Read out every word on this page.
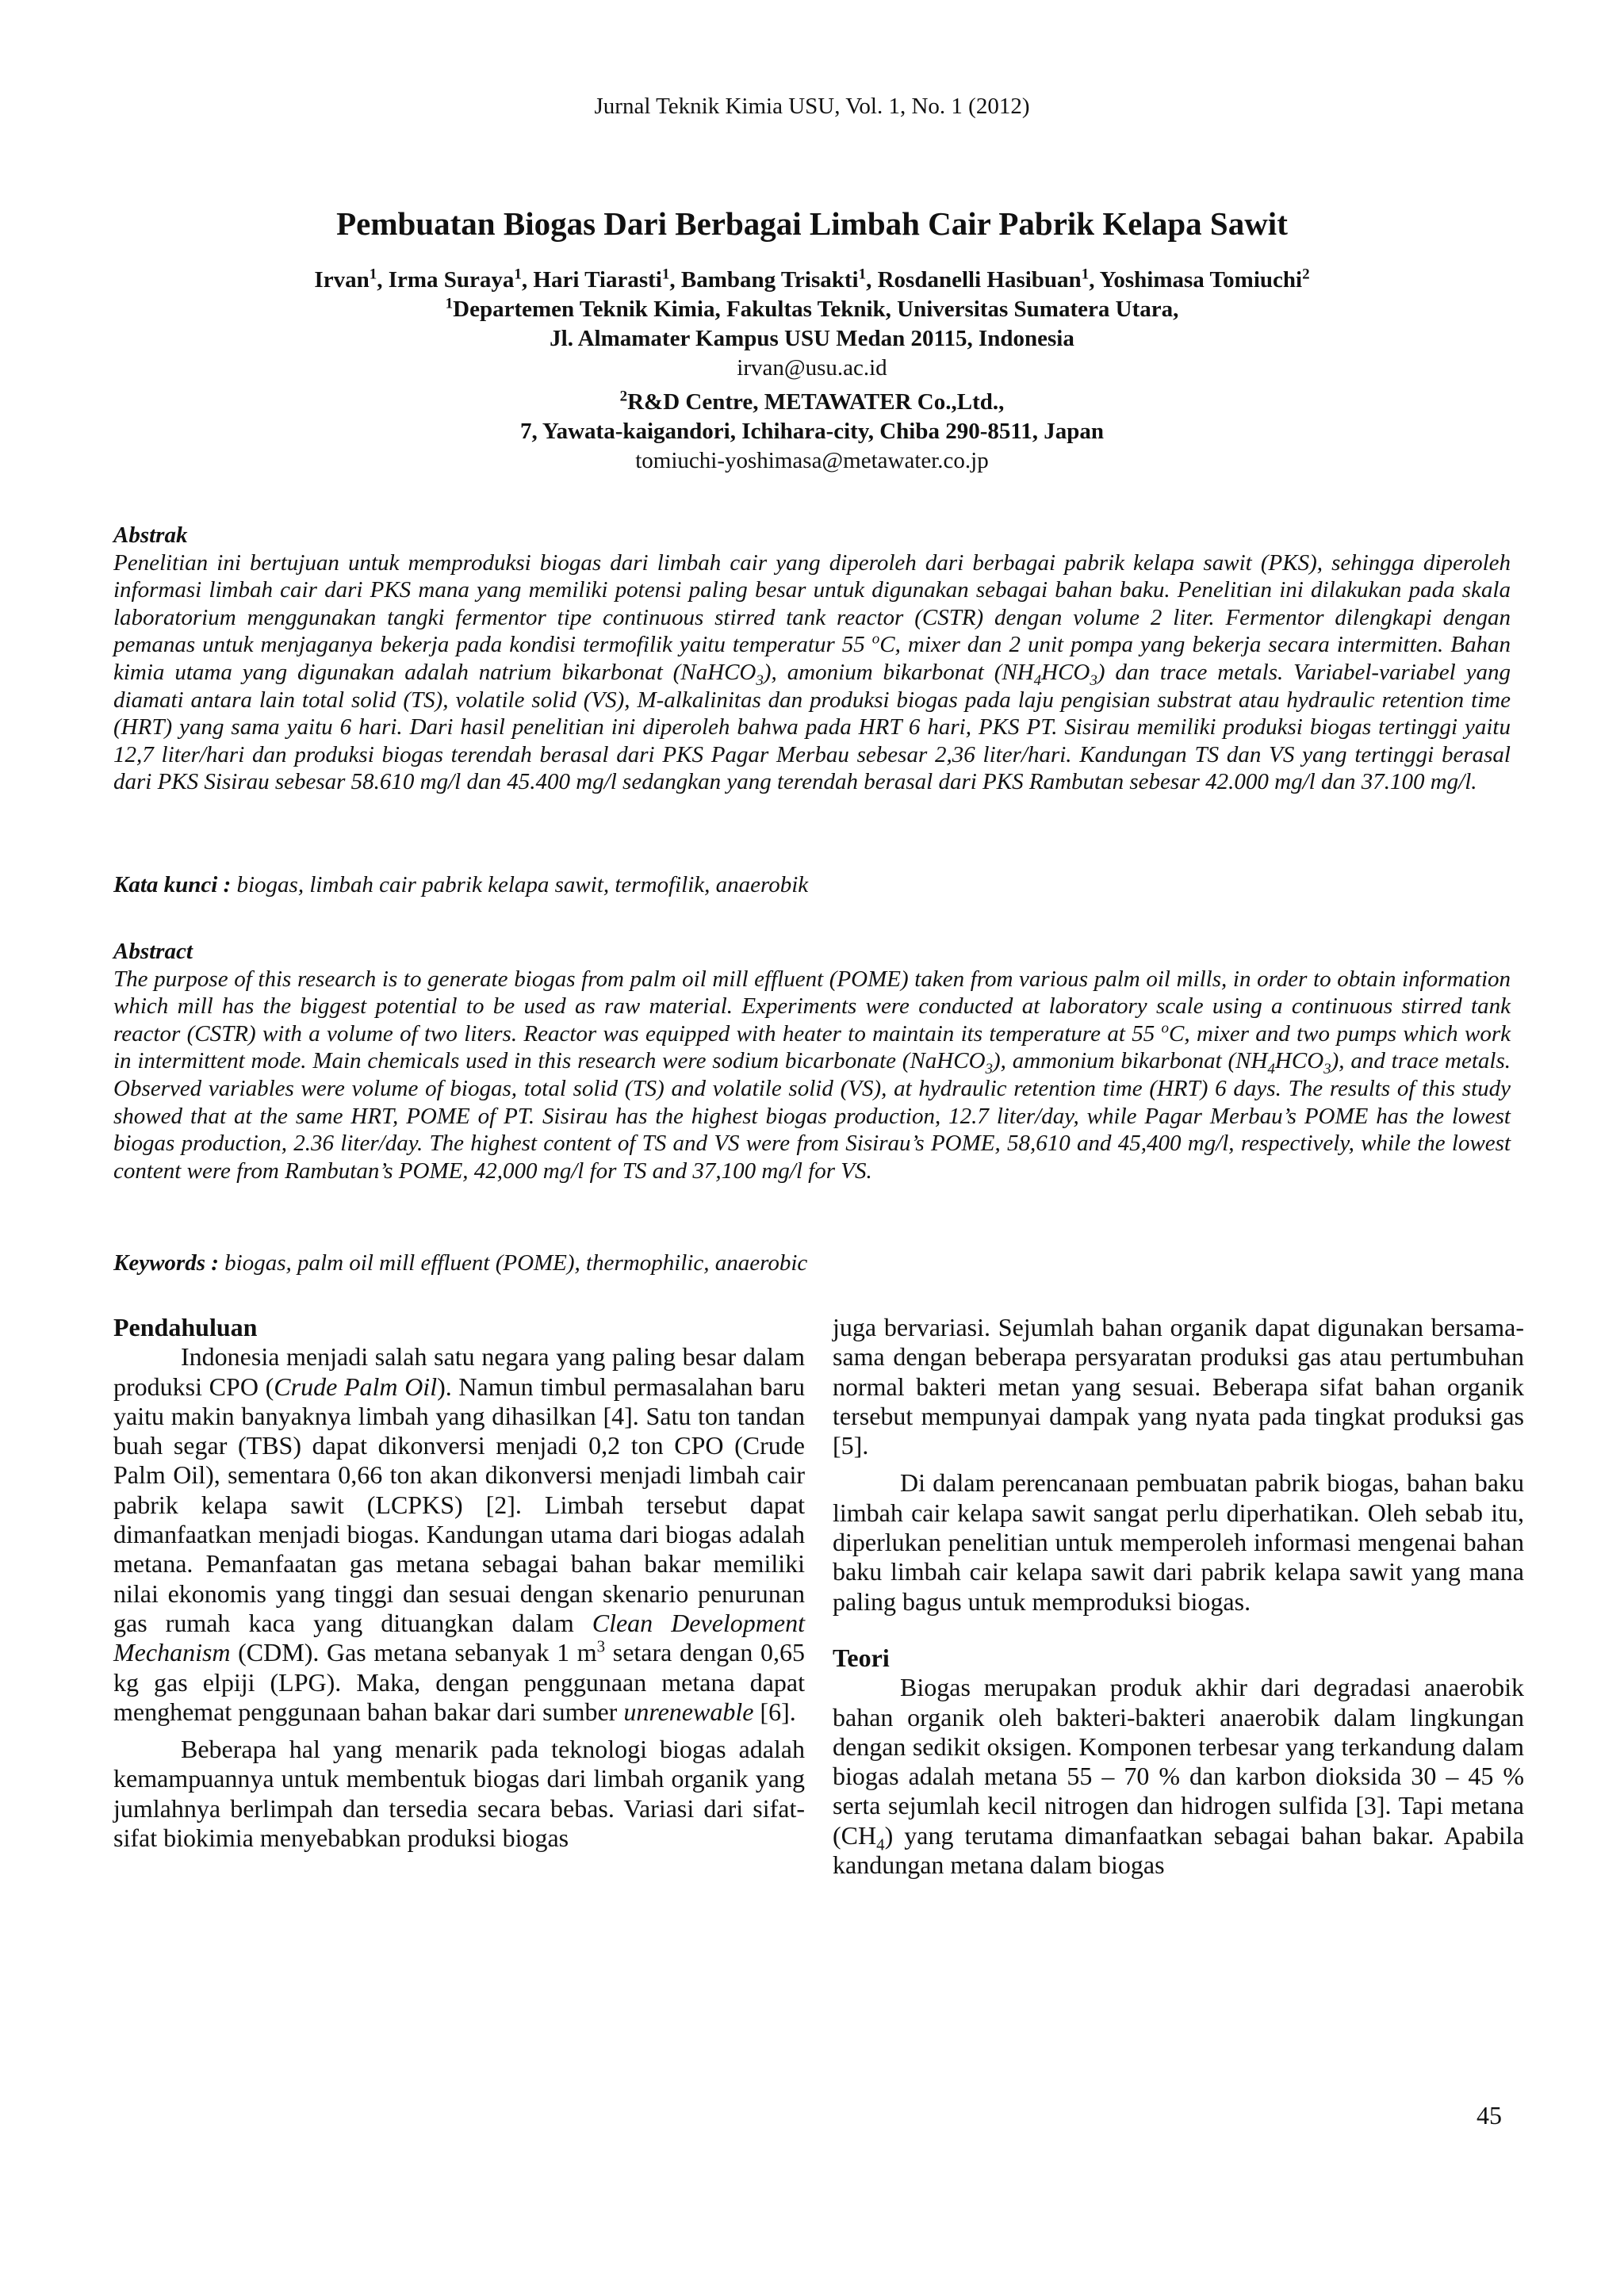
Jurnal Teknik Kimia USU, Vol. 1, No. 1 (2012)
Pembuatan Biogas Dari Berbagai Limbah Cair Pabrik Kelapa Sawit
Irvan$^1$, Irma Suraya$^1$, Hari Tiarasti$^1$, Bambang Trisakti$^1$, Rosdanelli Hasibuan$^1$, Yoshimasa Tomiuchi$^2$
$^1$Departemen Teknik Kimia, Fakultas Teknik, Universitas Sumatera Utara,
Jl. Almamater Kampus USU Medan 20115, Indonesia
irvan@usu.ac.id
$^2$R&D Centre, METAWATER Co.,Ltd.,
7, Yawata-kaigandori, Ichihara-city, Chiba 290-8511, Japan
tomiuchi-yoshimasa@metawater.co.jp
Abstrak

Penelitian ini bertujuan untuk memproduksi biogas dari limbah cair yang diperoleh dari berbagai pabrik kelapa sawit (PKS), sehingga diperoleh informasi limbah cair dari PKS mana yang memiliki potensi paling besar untuk digunakan sebagai bahan baku. Penelitian ini dilakukan pada skala laboratorium menggunakan tangki fermentor tipe continuous stirred tank reactor (CSTR) dengan volume 2 liter. Fermentor dilengkapi dengan pemanas untuk menjaganya bekerja pada kondisi termofilik yaitu temperatur 55 $^o$C, mixer dan 2 unit pompa yang bekerja secara intermitten. Bahan kimia utama yang digunakan adalah natrium bikarbonat (NaHCO$_3$), amonium bikarbonat $(NH_4HCO_3)$ dan trace metals. Variabel-variabel yang diamati antara lain total solid (TS), volatile solid (VS), M-alkalinitas dan produksi biogas pada laju pengisian substrat atau hydraulic retention time (HRT) yang sama yaitu 6 hari. Dari hasil penelitian ini diperoleh bahwa pada HRT 6 hari, PKS PT. Sisirau memiliki produksi biogas tertinggi yaitu 12,7 liter/hari dan produksi biogas terendah berasal dari PKS Pagar Merbau sebesar 2,36 liter/hari. Kandungan TS dan VS yang tertinggi berasal dari PKS Sisirau sebesar 58.610 mg/l dan 45.400 mg/l sedangkan yang terendah berasal dari PKS Rambutan sebesar 42.000 mg/l dan 37.100 mg/l.

Kata kunci : biogas, limbah cair pabrik kelapa sawit, termofilik, anaerobik
Abstract

The purpose of this research is to generate biogas from palm oil mill effluent (POME) taken from various palm oil mills, in order to obtain information which mill has the biggest potential to be used as raw material. Experiments were conducted at laboratory scale using a continuous stirred tank reactor (CSTR) with a volume of two liters. Reactor was equipped with heater to maintain its temperature at 55 $^o$C, mixer and two pumps which work in intermittent mode. Main chemicals used in this research were sodium bicarbonate (NaHCO$_3$), ammonium bikarbonat $(NH_4HCO_3)$, and trace metals. Observed variables were volume of biogas, total solid (TS) and volatile solid (VS), at hydraulic retention time (HRT) 6 days. The results of this study showed that at the same HRT, POME of PT. Sisirau has the highest biogas production, 12.7 liter/day, while Pagar Merbau’s POME has the lowest biogas production, 2.36 liter/day. The highest content of TS and VS were from Sisirau’s POME, 58,610 and 45,400 mg/l, respectively, while the lowest content were from Rambutan’s POME, 42,000 mg/l for TS and 37,100 mg/l for VS.

Keywords : biogas, palm oil mill effluent (POME), thermophilic, anaerobic
Pendahuluan

Indonesia menjadi salah satu negara yang paling besar dalam produksi CPO (Crude Palm Oil). Namun timbul permasalahan baru yaitu makin banyaknya limbah yang dihasilkan [4]. Satu ton tandan buah segar (TBS) dapat dikonversi menjadi 0,2 ton CPO (Crude Palm Oil), sementara 0,66 ton akan dikonversi menjadi limbah cair pabrik kelapa sawit (LCPKS) [2]. Limbah tersebut dapat dimanfaatkan menjadi biogas. Kandungan utama dari biogas adalah metana. Pemanfaatan gas metana sebagai bahan bakar memiliki nilai ekonomis yang tinggi dan sesuai dengan skenario penurunan gas rumah kaca yang dituangkan dalam Clean Development Mechanism (CDM). Gas metana sebanyak 1 $m^3$ setara dengan 0,65 kg gas elpiji (LPG). Maka, dengan penggunaan metana dapat menghemat penggunaan bahan bakar dari sumber unrenewable [6].

Beberapa hal yang menarik pada teknologi biogas adalah kemampuannya untuk membentuk biogas dari limbah organik yang jumlahnya berlimpah dan tersedia secara bebas. Variasi dari sifat-sifat biokimia menyebabkan produksi biogas

juga bervariasi. Sejumlah bahan organik dapat digunakan bersama-sama dengan beberapa persyaratan produksi gas atau pertumbuhan normal bakteri metan yang sesuai. Beberapa sifat bahan organik tersebut mempunyai dampak yang nyata pada tingkat produksi gas [5].

Di dalam perencanaan pembuatan pabrik biogas, bahan baku limbah cair kelapa sawit sangat perlu diperhatikan. Oleh sebab itu, diperlukan penelitian untuk memperoleh informasi mengenai bahan baku limbah cair kelapa sawit dari pabrik kelapa sawit yang mana paling bagus untuk memproduksi biogas.

Teori

Biogas merupakan produk akhir dari degradasi anaerobik bahan organik oleh bakteri-bakteri anaerobik dalam lingkungan dengan sedikit oksigen. Komponen terbesar yang terkandung dalam biogas adalah metana 55 – 70 % dan karbon dioksida 30 – 45 % serta sejumlah kecil nitrogen dan hidrogen sulfida [3]. Tapi metana $(CH_4)$ yang terutama dimanfaatkan sebagai bahan bakar. Apabila kandungan metana dalam biogas

45
